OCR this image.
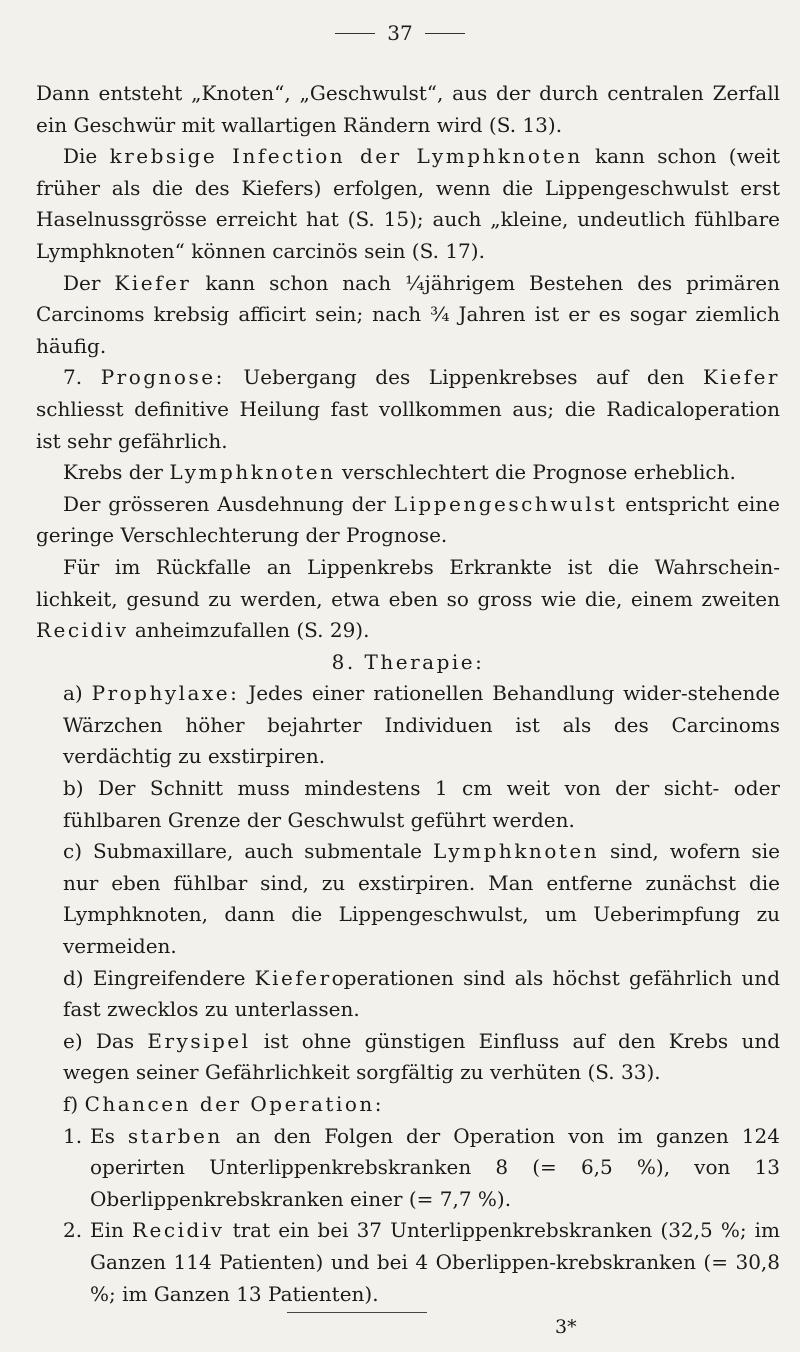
37

Dann entsteht „Knoten“, „Geschwulst“, aus der durch centralen Zerfall ein Geschwür mit wallartigen Rändern wird (S. 13).

Die krebsige Infection der Lymphknoten kann schon (weit früher als die des Kiefers) erfolgen, wenn die Lippengeschwulst erst Haselnussgrösse erreicht hat (S. 15); auch „kleine, undeutlich fühlbare Lymphknoten“ können carcinös sein (S. 17).

Der Kiefer kann schon nach ¼jährigem Bestehen des primären Carcinoms krebsig afficirt sein; nach ¾ Jahren ist er es sogar ziemlich häufig.

7. Prognose: Uebergang des Lippenkrebses auf den Kiefer schliesst definitive Heilung fast vollkommen aus; die Radicaloperation ist sehr gefährlich.

Krebs der Lymphknoten verschlechtert die Prognose erheblich.

Der grösseren Ausdehnung der Lippengeschwulst entspricht eine geringe Verschlechterung der Prognose.

Für im Rückfalle an Lippenkrebs Erkrankte ist die Wahrschein-lichkeit, gesund zu werden, etwa eben so gross wie die, einem zweiten Recidiv anheimzufallen (S. 29).

8. Therapie:

a) Prophylaxe: Jedes einer rationellen Behandlung wider-stehende Wärzchen höher bejahrter Individuen ist als des Carcinoms verdächtig zu exstirpiren.

b) Der Schnitt muss mindestens 1 cm weit von der sicht- oder fühlbaren Grenze der Geschwulst geführt werden.

c) Submaxillare, auch submentale Lymphknoten sind, wofern sie nur eben fühlbar sind, zu exstirpiren. Man entferne zunächst die Lymphknoten, dann die Lippengeschwulst, um Ueberimpfung zu vermeiden.

d) Eingreifendere Kieferoperationen sind als höchst gefährlich und fast zwecklos zu unterlassen.

e) Das Erysipel ist ohne günstigen Einfluss auf den Krebs und wegen seiner Gefährlichkeit sorgfältig zu verhüten (S. 33).

f) Chancen der Operation:

1. Es starben an den Folgen der Operation von im ganzen 124 operirten Unterlippenkrebskranken 8 (= 6,5 %), von 13 Oberlippenkrebskranken einer (= 7,7 %).
2. Ein Recidiv trat ein bei 37 Unterlippenkrebskranken (32,5 %; im Ganzen 114 Patienten) und bei 4 Oberlippen-krebskranken (= 30,8 %; im Ganzen 13 Patienten).
3*
